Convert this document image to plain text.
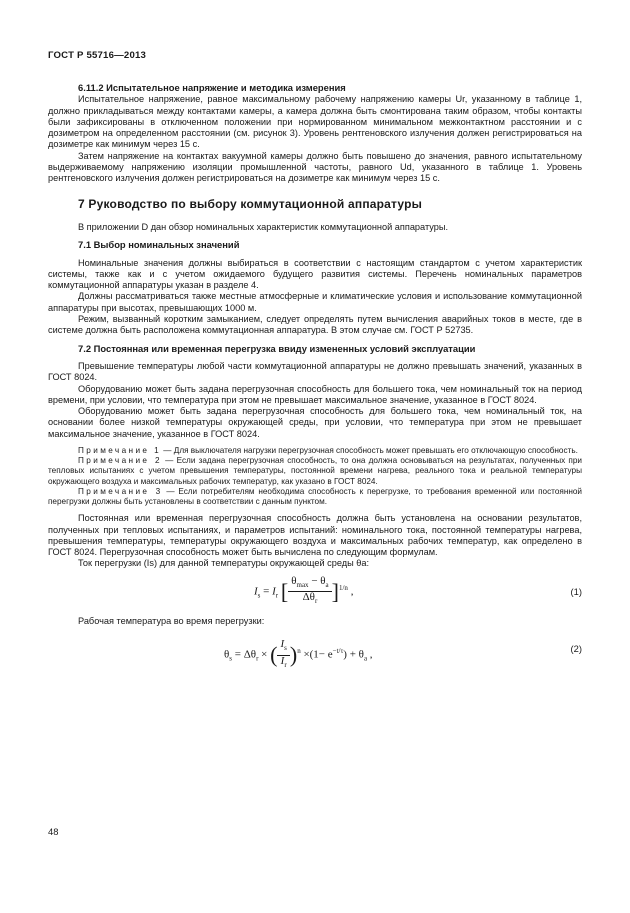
ГОСТ Р 55716—2013

6.11.2 Испытательное напряжение и методика измерения

Испытательное напряжение, равное максимальному рабочему напряжению камеры Ur, указанному в таблице 1, должно прикладываться между контактами камеры, а камера должна быть смонтирована таким образом, чтобы контакты были зафиксированы в отключенном положении при нормированном минимальном межконтактном расстоянии и с дозиметром на определенном расстоянии (см. рисунок 3). Уровень рентгеновского излучения должен регистрироваться на дозиметре как минимум через 15 с.

Затем напряжение на контактах вакуумной камеры должно быть повышено до значения, равного испытательному выдерживаемому напряжению изоляции промышленной частоты, равного Ud, указанного в таблице 1. Уровень рентгеновского излучения должен регистрироваться на дозиметре как минимум через 15 с.

7 Руководство по выбору коммутационной аппаратуры

В приложении D дан обзор номинальных характеристик коммутационной аппаратуры.

7.1 Выбор номинальных значений

Номинальные значения должны выбираться в соответствии с настоящим стандартом с учетом характеристик системы, также как и с учетом ожидаемого будущего развития системы. Перечень номинальных параметров коммутационной аппаратуры указан в разделе 4.

Должны рассматриваться также местные атмосферные и климатические условия и использование коммутационной аппаратуры при высотах, превышающих 1000 м.

Режим, вызванный коротким замыканием, следует определять путем вычисления аварийных токов в месте, где в системе должна быть расположена коммутационная аппаратура. В этом случае см. ГОСТ Р 52735.

7.2 Постоянная или временная перегрузка ввиду измененных условий эксплуатации

Превышение температуры любой части коммутационной аппаратуры не должно превышать значений, указанных в ГОСТ 8024.

Оборудованию может быть задана перегрузочная способность для большего тока, чем номинальный ток на период времени, при условии, что температура при этом не превышает максимальное значение, указанное в ГОСТ 8024.

Оборудованию может быть задана перегрузочная способность для большего тока, чем номинальный ток, на основании более низкой температуры окружающей среды, при условии, что температура при этом не превышает максимальное значение, указанное в ГОСТ 8024.

Примечание 1 — Для выключателя нагрузки перегрузочная способность может превышать его отключающую способность.

Примечание 2 — Если задана перегрузочная способность, то она должна основываться на результатах, полученных при тепловых испытаниях с учетом превышения температуры, постоянной времени нагрева, реального тока и реальной температуры окружающего воздуха и максимальных рабочих температур, как указано в ГОСТ 8024.

Примечание 3 — Если потребителям необходима способность к перегрузке, то требования временной или постоянной перегрузки должны быть установлены в соответствии с данным пунктом.

Постоянная или временная перегрузочная способность должна быть установлена на основании результатов, полученных при тепловых испытаниях, и параметров испытаний: номинального тока, постоянной температуры нагрева, превышения температуры, температуры окружающего воздуха и максимальных рабочих температур, как определено в ГОСТ 8024. Перегрузочная способность может быть вычислена по следующим формулам.

Ток перегрузки (Is) для данной температуры окружающей среды θa:

$I_s = I_r$ [ $\frac{\theta_{max} - \theta_a}{\Delta\theta_r} ]^{1/n}$ ,	(1)

Рабочая температура во время перегрузки:

$\theta_s = \Delta\theta_r$ × ( $\frac{I_s}{I_r} )^n \times(1- e^{-t/\tau}) + \theta_a$ ,
(2)
48
